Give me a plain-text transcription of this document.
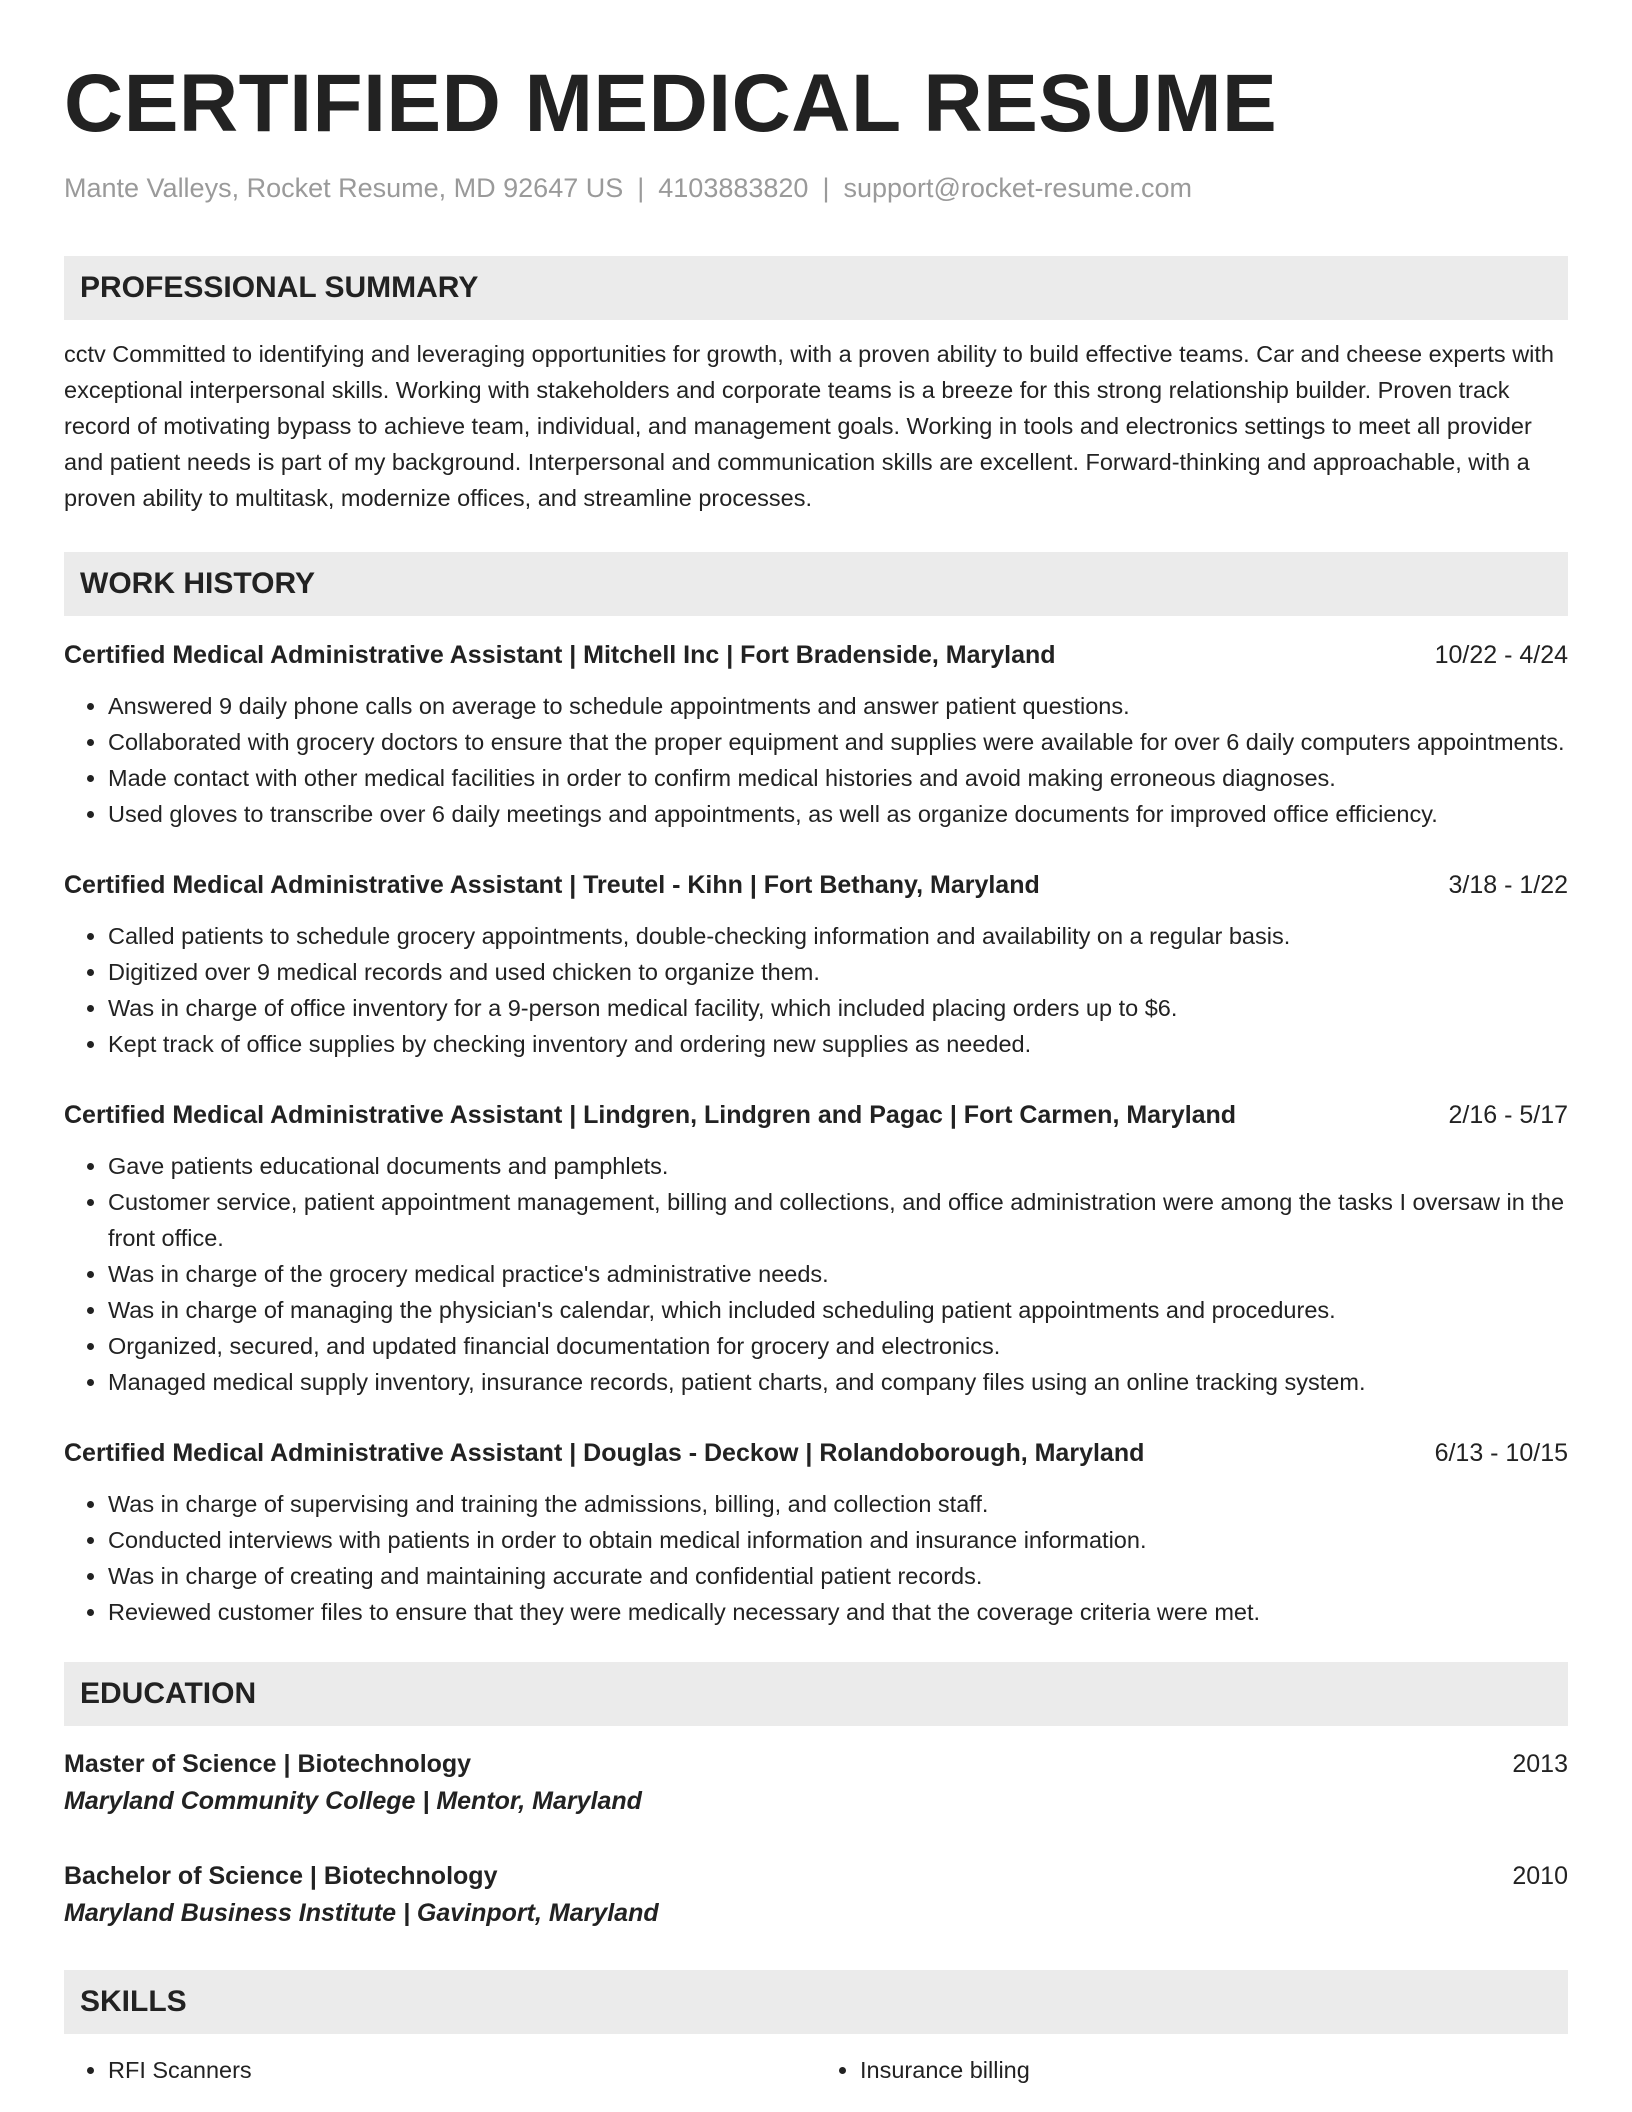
CERTIFIED MEDICAL RESUME
Mante Valleys, Rocket Resume, MD 92647 US | 4103883820 | support@rocket-resume.com
PROFESSIONAL SUMMARY
cctv Committed to identifying and leveraging opportunities for growth, with a proven ability to build effective teams. Car and cheese experts with exceptional interpersonal skills. Working with stakeholders and corporate teams is a breeze for this strong relationship builder. Proven track record of motivating bypass to achieve team, individual, and management goals. Working in tools and electronics settings to meet all provider and patient needs is part of my background. Interpersonal and communication skills are excellent. Forward-thinking and approachable, with a proven ability to multitask, modernize offices, and streamline processes.
WORK HISTORY
Certified Medical Administrative Assistant | Mitchell Inc | Fort Bradenside, Maryland	10/22 - 4/24
• Answered 9 daily phone calls on average to schedule appointments and answer patient questions.
• Collaborated with grocery doctors to ensure that the proper equipment and supplies were available for over 6 daily computers appointments.
• Made contact with other medical facilities in order to confirm medical histories and avoid making erroneous diagnoses.
• Used gloves to transcribe over 6 daily meetings and appointments, as well as organize documents for improved office efficiency.
Certified Medical Administrative Assistant | Treutel - Kihn | Fort Bethany, Maryland	3/18 - 1/22
• Called patients to schedule grocery appointments, double-checking information and availability on a regular basis.
• Digitized over 9 medical records and used chicken to organize them.
• Was in charge of office inventory for a 9-person medical facility, which included placing orders up to $6.
• Kept track of office supplies by checking inventory and ordering new supplies as needed.
Certified Medical Administrative Assistant | Lindgren, Lindgren and Pagac | Fort Carmen, Maryland	2/16 - 5/17
• Gave patients educational documents and pamphlets.
• Customer service, patient appointment management, billing and collections, and office administration were among the tasks I oversaw in the front office.
• Was in charge of the grocery medical practice's administrative needs.
• Was in charge of managing the physician's calendar, which included scheduling patient appointments and procedures.
• Organized, secured, and updated financial documentation for grocery and electronics.
• Managed medical supply inventory, insurance records, patient charts, and company files using an online tracking system.
Certified Medical Administrative Assistant | Douglas - Deckow | Rolandoborough, Maryland	6/13 - 10/15
• Was in charge of supervising and training the admissions, billing, and collection staff.
• Conducted interviews with patients in order to obtain medical information and insurance information.
• Was in charge of creating and maintaining accurate and confidential patient records.
• Reviewed customer files to ensure that they were medically necessary and that the coverage criteria were met.
EDUCATION
Master of Science | Biotechnology	2013
Maryland Community College | Mentor, Maryland
Bachelor of Science | Biotechnology	2010
Maryland Business Institute | Gavinport, Maryland
SKILLS
• RFI Scanners
•	Insurance billing
